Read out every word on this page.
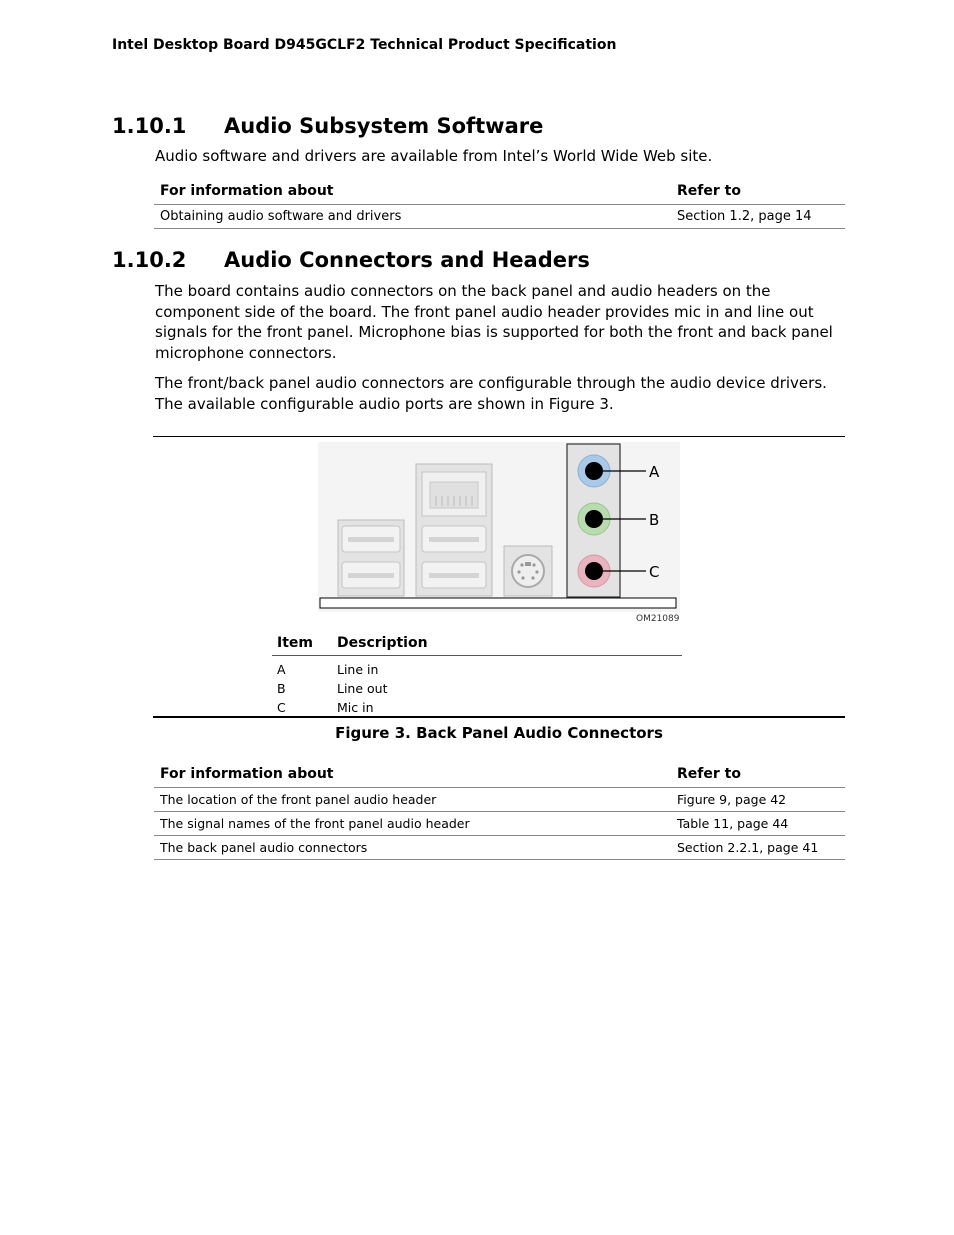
Intel Desktop Board D945GCLF2 Technical Product Specification
1.10.1 Audio Subsystem Software

Audio software and drivers are available from Intel’s World Wide Web site.

For information about	Refer to
Obtaining audio software and drivers	Section 1.2, page 14
1.10.2 Audio Connectors and Headers

The board contains audio connectors on the back panel and audio headers on the component side of the board. The front panel audio header provides mic in and line out signals for the front panel. Microphone bias is supported for both the front and back panel microphone connectors.

The front/back panel audio connectors are configurable through the audio device drivers. The available configurable audio ports are shown in Figure 3.

A
B
C
OM21089
Item	Description

A	Line in
B	Line out
C	Mic in
Figure 3. Back Panel Audio Connectors
For information about	Refer to
The location of the front panel audio header	Figure 9, page 42
The signal names of the front panel audio header	Table 11, page 44
The back panel audio connectors	Section 2.2.1, page 41
